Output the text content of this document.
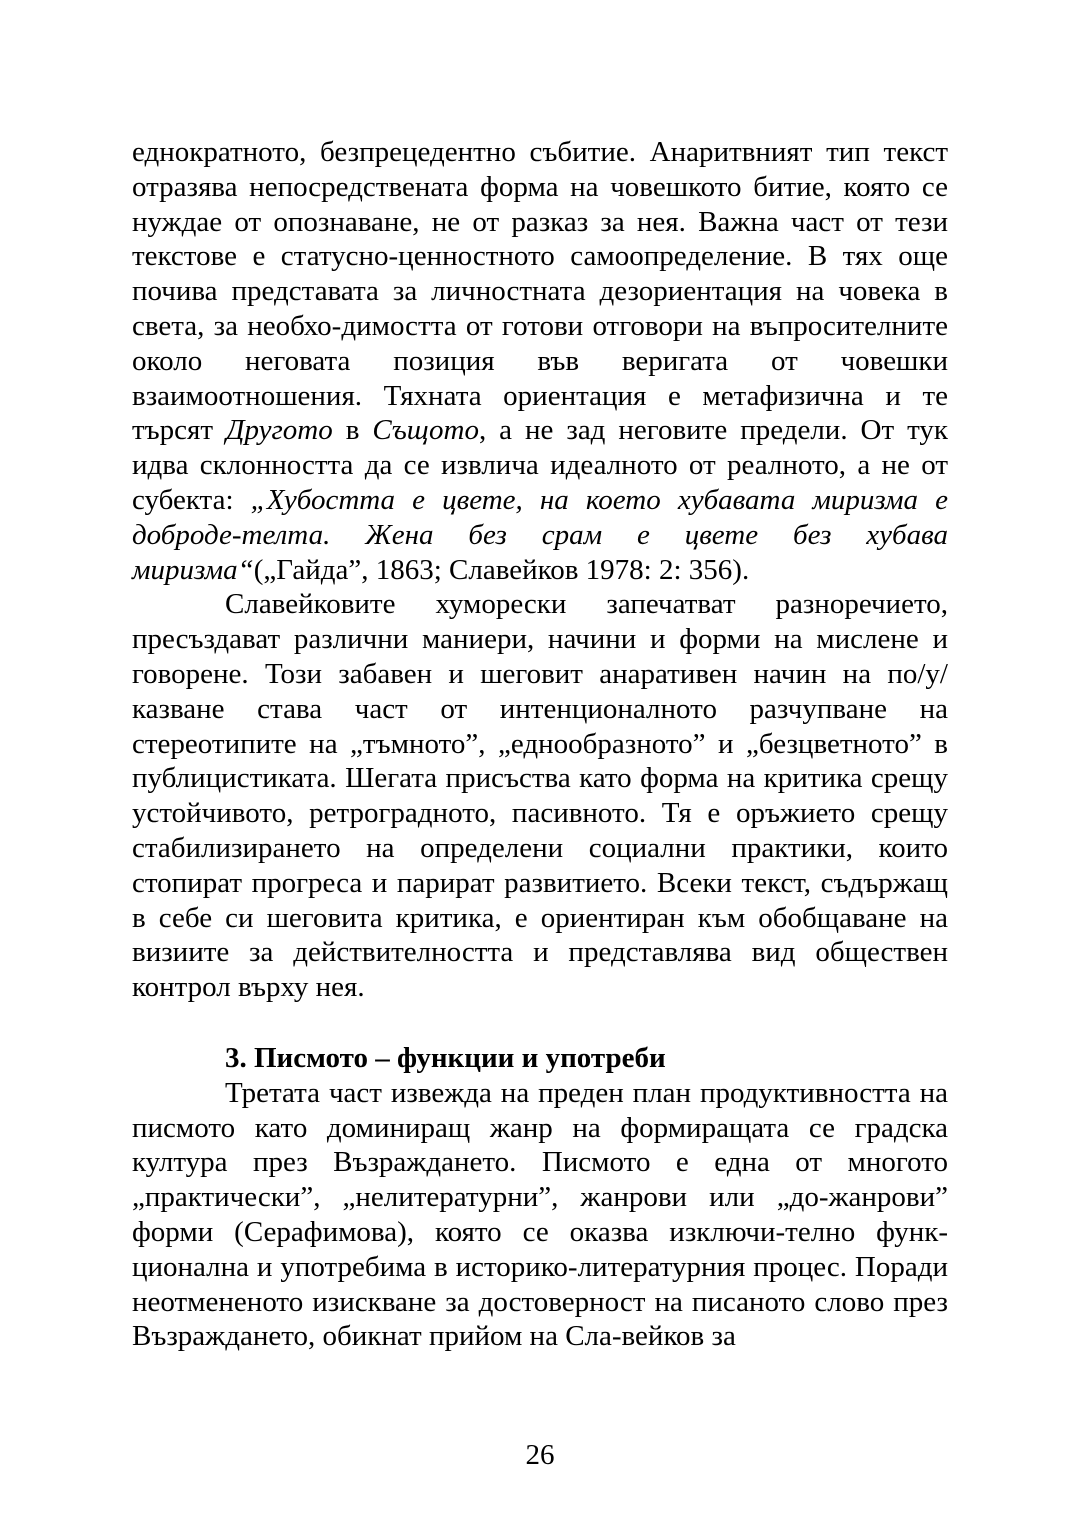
еднократното, безпрецедентно събитие. Анаритвният тип текст отразява непосредствената форма на човешкото битие, която се нуждае от опознаване, не от разказ за нея. Важна част от тези текстове е статусно-ценностното самоопределение. В тях още почива представата за личностната дезориентация на човека в света, за необхо-димостта от готови отговори на въпросителните около неговата позиция във веригата от човешки взаимоотношения. Тяхната ориентация е метафизична и те търсят Другото в Същото, а не зад неговите предели. От тук идва склонността да се извлича идеалното от реалното, а не от субекта: „Хубостта е цвете, на което хубавата миризма е доброде-телта. Жена без срам е цвете без хубава миризма“(„Гайда”, 1863; Славейков 1978: 2: 356).

Славейковите хуморески запечатват разноречието, пресъздават различни маниери, начини и форми на мислене и говорене. Този забавен и шеговит анаративен начин на по/у/казване става част от интенционалното разчупване на стереотипите на „тъмното”, „еднообразното” и „безцветното” в публицистиката. Шегата присъства като форма на критика срещу устойчивото, ретроградното, пасивното. Тя е оръжието срещу стабилизирането на определени социални практики, които стопират прогреса и парират развитието. Всеки текст, съдържащ в себе си шеговита критика, е ориентиран към обобщаване на визиите за действителността и представлява вид обществен контрол върху нея.

3. Писмото – функции и употреби

Третата част извежда на преден план продуктивността на писмото като доминиращ жанр на формиращата се градска култура през Възраждането. Писмото е една от многото „практически”, „нелитературни”, жанрови или „до-жанрови” форми (Серафимова), която се оказва изключи-телно функционална и употребима в историко-литературния процес. Поради неотмененото изискване за достоверност на писаното слово през Възраждането, обикнат прийом на Сла-вейков за

26
